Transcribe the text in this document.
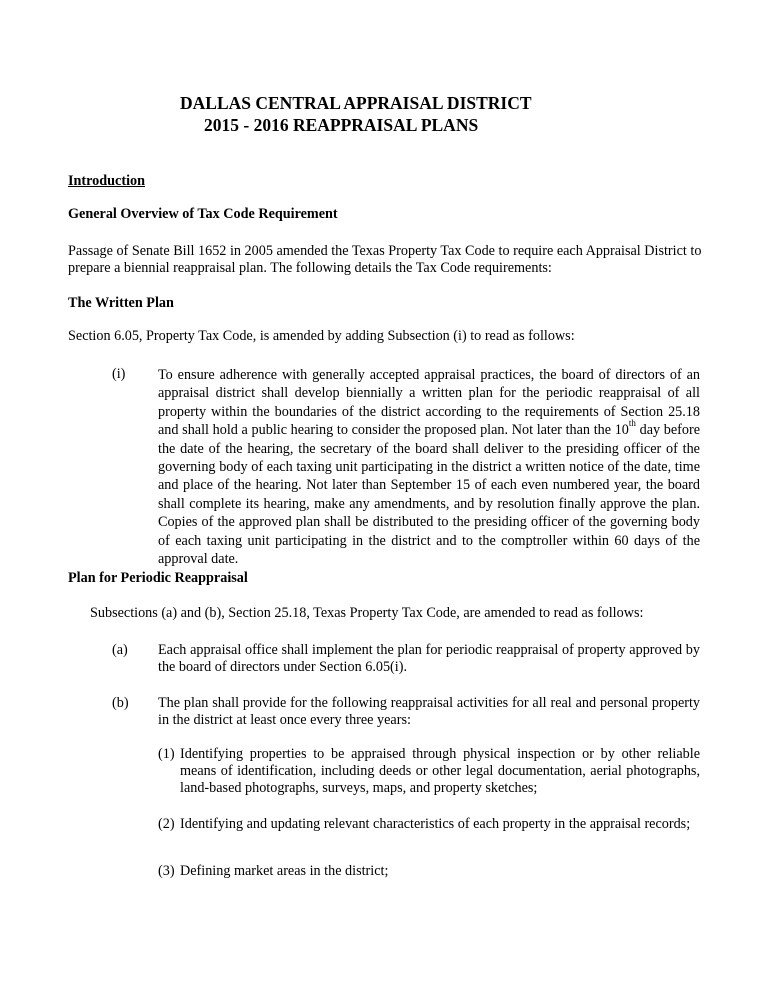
DALLAS CENTRAL APPRAISAL DISTRICT
2015 - 2016 REAPPRAISAL PLANS
Introduction
General Overview of Tax Code Requirement
Passage of Senate Bill 1652 in 2005 amended the Texas Property Tax Code to require each Appraisal District to prepare a biennial reappraisal plan. The following details the Tax Code requirements:
The Written Plan
Section 6.05, Property Tax Code, is amended by adding Subsection (i) to read as follows:
(i) To ensure adherence with generally accepted appraisal practices, the board of directors of an appraisal district shall develop biennially a written plan for the periodic reappraisal of all property within the boundaries of the district according to the requirements of Section 25.18 and shall hold a public hearing to consider the proposed plan. Not later than the 10th day before the date of the hearing, the secretary of the board shall deliver to the presiding officer of the governing body of each taxing unit participating in the district a written notice of the date, time and place of the hearing. Not later than September 15 of each even numbered year, the board shall complete its hearing, make any amendments, and by resolution finally approve the plan. Copies of the approved plan shall be distributed to the presiding officer of the governing body of each taxing unit participating in the district and to the comptroller within 60 days of the approval date.
Plan for Periodic Reappraisal
Subsections (a) and (b), Section 25.18, Texas Property Tax Code, are amended to read as follows:
(a) Each appraisal office shall implement the plan for periodic reappraisal of property approved by the board of directors under Section 6.05(i).
(b) The plan shall provide for the following reappraisal activities for all real and personal property in the district at least once every three years:
(1) Identifying properties to be appraised through physical inspection or by other reliable means of identification, including deeds or other legal documentation, aerial photographs, land-based photographs, surveys, maps, and property sketches;
(2) Identifying and updating relevant characteristics of each property in the appraisal records;
(3) Defining market areas in the district;
